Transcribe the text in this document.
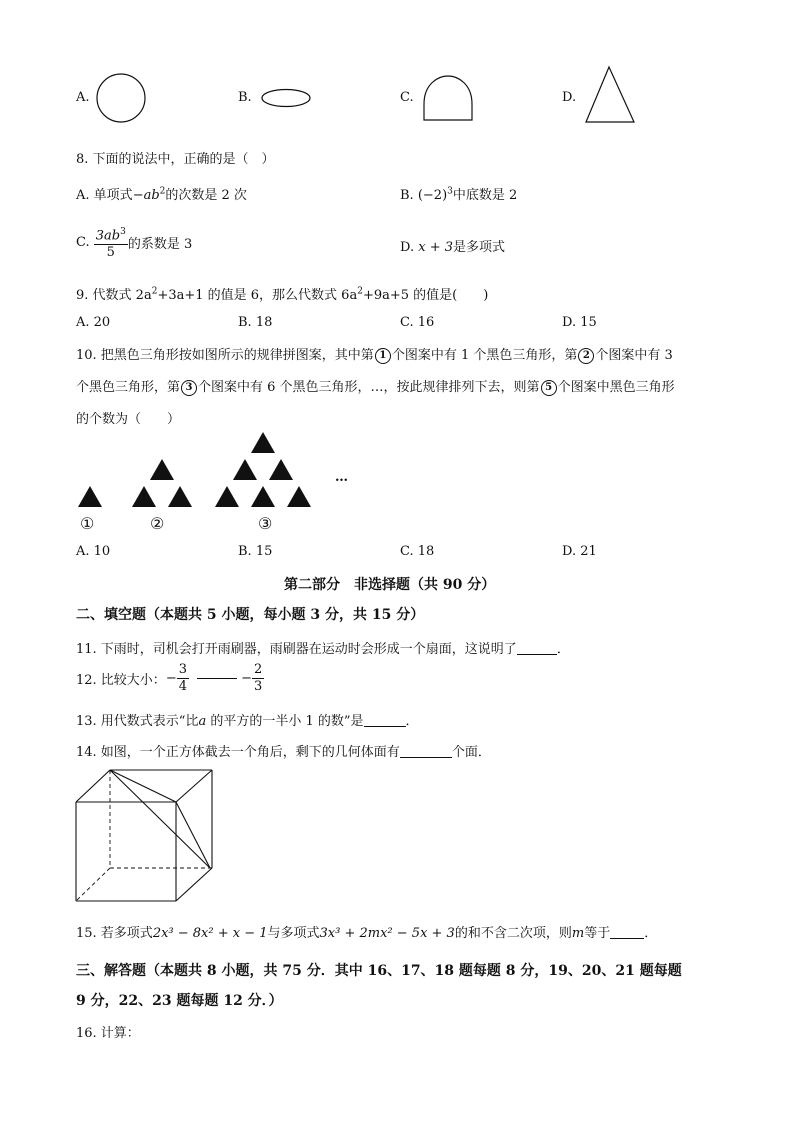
A.	B.	C.	D.
8. 下面的说法中，正确的是（　）
A. 单项式$-ab^2$的次数是 2 次	B. $(-2)^3$中底数是 2
C. $\frac{3ab^3}{5}$ 的系数是 3	D. x + 3是多项式
9. 代数式 $2a^2+3a+1$ 的值是 6，那么代数式 $6a^2+9a+5$ 的值是(　　)
A. 20	B. 18	C. 16	D. 15
10. 把黑色三角形按如图所示的规律拼图案，其中第 1 个图案中有 1 个黑色三角形，第 2 个图案中有 3
个黑色三角形，第 3 个图案中有 6 个黑色三角形，…，按此规律排列下去，则第 5 个图案中黑色三角形
的个数为（　　）
…
①	②	③
A. 10	B. 15	C. 18	D. 21
第二部分　非选择题（共 90 分）
二、填空题（本题共 5 小题，每小题 3 分，共 15 分）
11. 下雨时，司机会打开雨刷器，雨刷器在运动时会形成一个扇面，这说明了	．
12. 比较大小：− $\frac{3}{4}$	− $\frac{2}{3}$
13. 用代数式表示“比a 的平方的一半小 1 的数”是	．
14. 如图，一个正方体截去一个角后，剩下的几何体面有	个面．
15. 若多项式2x³ − 8x² + x − 1与多项式3x³ + 2mx² − 5x + 3的和不含二次项，则m等于	．
三、解答题（本题共 8 小题，共 75 分．其中 16、17、18 题每题 8 分，19、20、21 题每题
9 分，22、23 题每题 12 分．）
16. 计算：
